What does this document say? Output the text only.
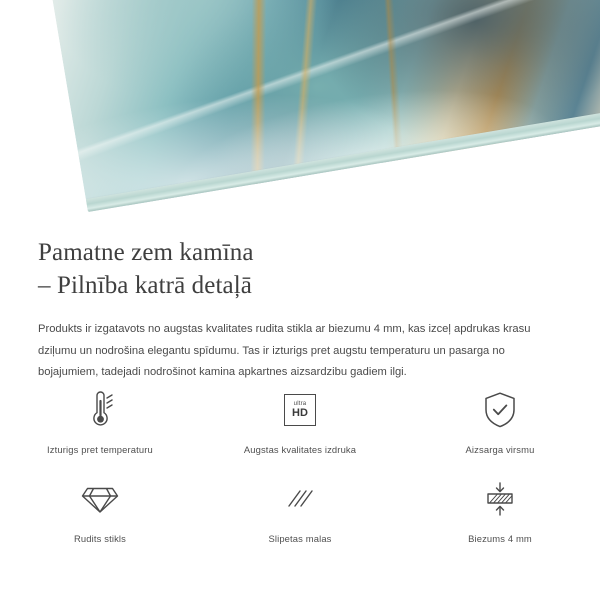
Pamatne zem kamīna
– Pilnība katrā detaļā

Produkts ir izgatavots no augstas kvalitates rudita stikla ar biezumu 4 mm, kas izceļ apdrukas krasu dziļumu un nodrošina elegantu spīdumu. Tas ir izturigs pret augstu temperaturu un pasarga no bojajumiem, tadejadi nodrošinot kamina apkartnes aizsardzibu gadiem ilgi.

Izturigs pret temperaturu
ultra
HD
Augstas kvalitates izdruka	Aizsarga virsmu
Rudits stikls	Slipetas malas	Biezums 4 mm
